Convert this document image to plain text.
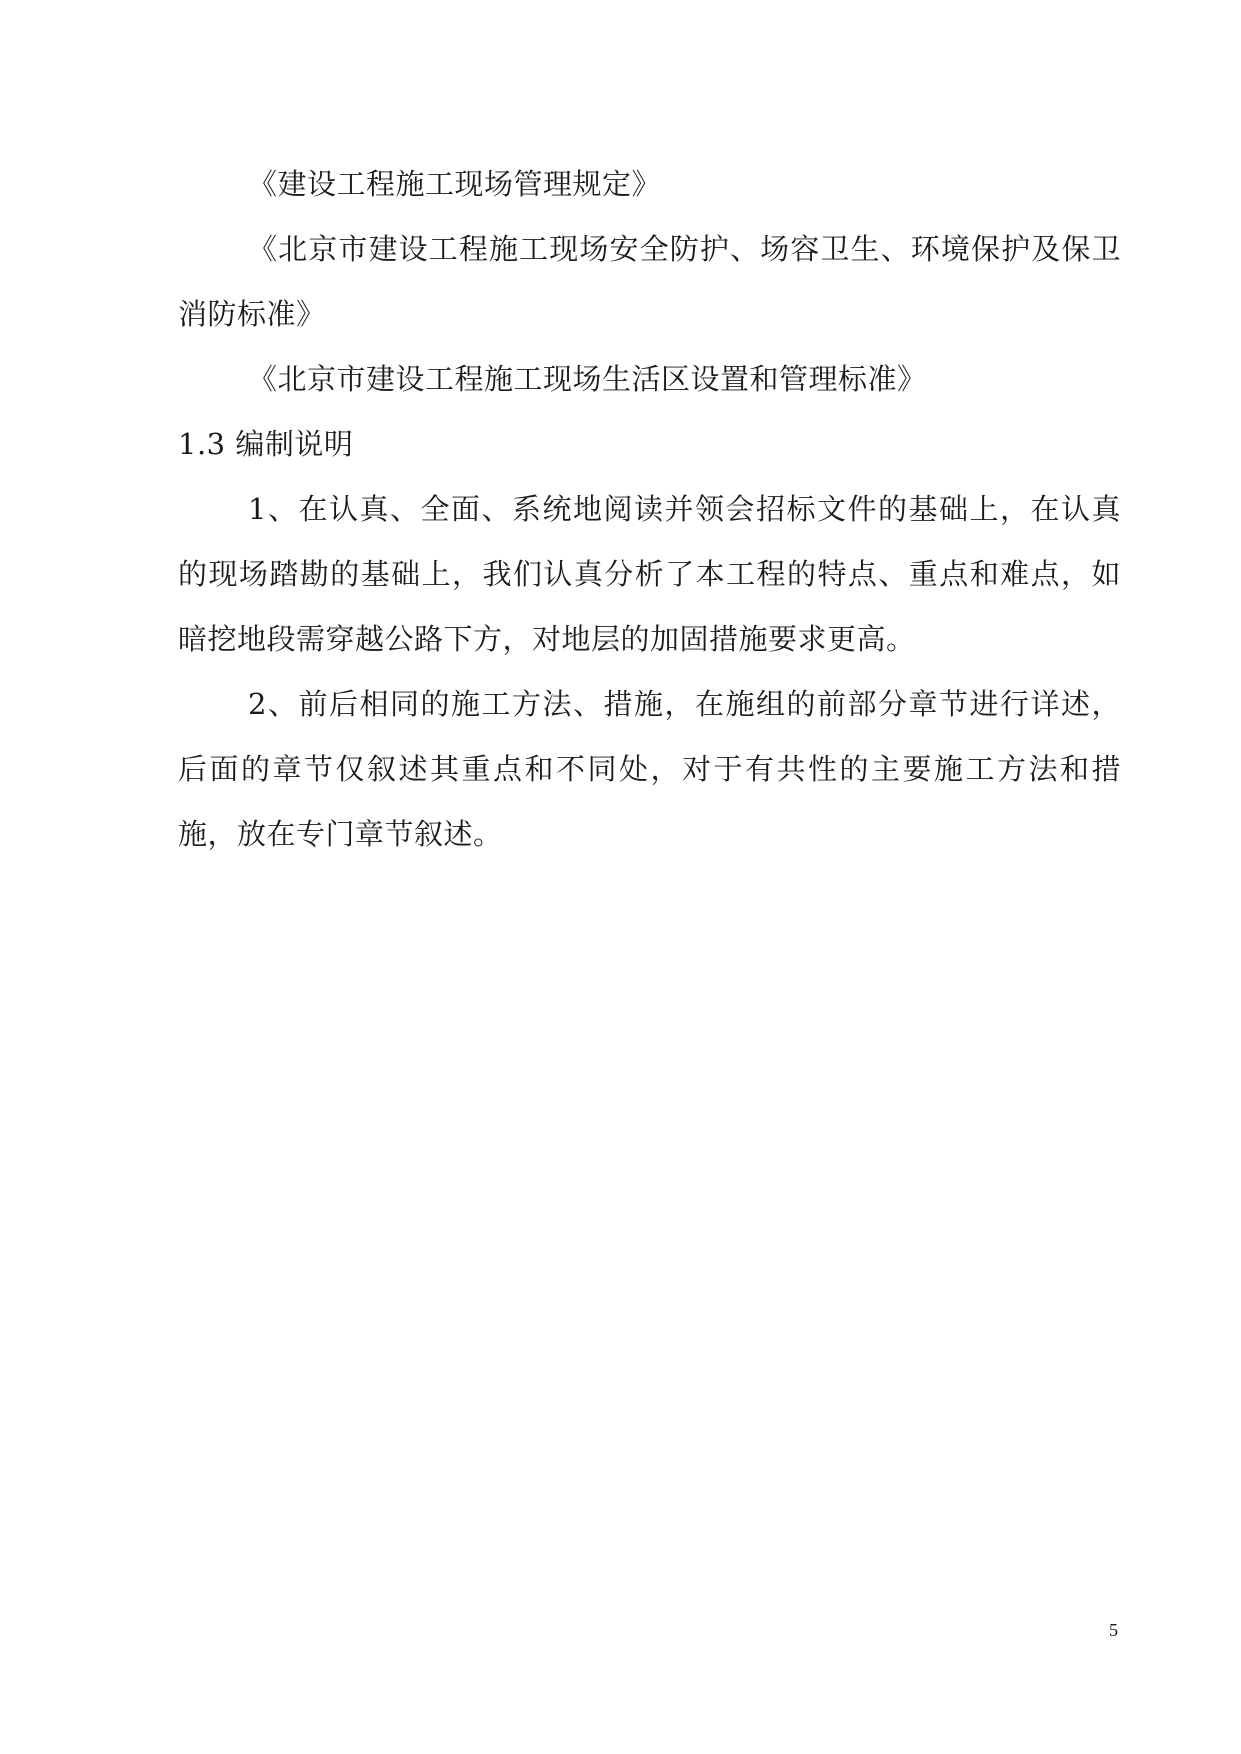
《建设工程施工现场管理规定》

《北京市建设工程施工现场安全防护、场容卫生、环境保护及保卫消防标准》

《北京市建设工程施工现场生活区设置和管理标准》

1.3 编制说明

1、在认真、全面、系统地阅读并领会招标文件的基础上，在认真的现场踏勘的基础上，我们认真分析了本工程的特点、重点和难点，如暗挖地段需穿越公路下方，对地层的加固措施要求更高。

2、前后相同的施工方法、措施，在施组的前部分章节进行详述，后面的章节仅叙述其重点和不同处，对于有共性的主要施工方法和措施，放在专门章节叙述。

5
